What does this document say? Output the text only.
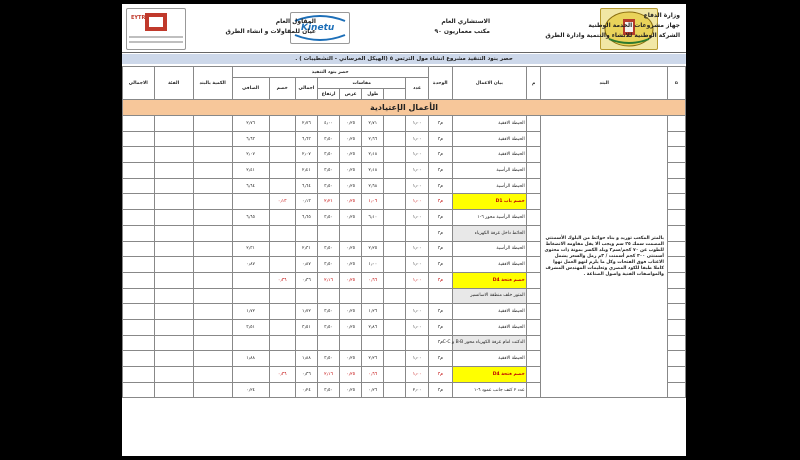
وزارة الدفاع
جهاز مشروعات الخدمة الوطنية
الشركة الوطنية للانشاء والتنمية وادارة الطرق
الاستشاري العام
مكتب معماريون ٩٠
Kinetu
المقاول العام
عيان للمقاولات و انشاء الطرق
EYTRA
حصر بنود التنفيذ مشروع انشاء مول الترتس ٥ (الهيكل الخرساني - التشطيبات ) .
الاجمالي	الفئة	الكمية بالبند	حصر بنود التنفيذ								الوحدة	بيان الاعمال	م	البند	ם
			الصافي	خصم	اجمالي	مقاسات				عدد					
						ارتفاع	عرض	طول							
الأعمال الإعتيادية															
			٢٫٧٦		٢٫٧٦	٤٫٠٠	٠٫٢٥	٢٫٧١		١٫٠٠	م٣	الحيطة الافقية		بالمتر المكعب توريد و بناء حوائط من البلوك الأسمنتي المصمت سمك ٢٥ سم ويجب الا يقل مقاومه الانضغاط للطوب عن ٧٠ كجم/سم٢ وبلد الكسر بمونة ذات محتوى أسمنتى ٣٠٠ كجم أسمنت / ٣م رمل والسعر يشمل الاعتاب فوق الفتحات وكل ما يلزم لنهو العمل نهوا كاملا طبقا للكود المصري وتعليمات المهندس المشرف والمواصفات الفنية واصول الصناعة .	
			٦٫٦٣		٦٫٦٣	٣٫٥٠	٠٫٢٥	٢٫٦٦		١٫٠٠	م٣	الحيطة الافقية			
			٢٫٠٧		٢٫٠٧	٣٫٥٠	٠٫٢٥	٢٫١٨		١٫٠٠	م٣	الحيطة الافقية			
			٢٫٤١		٢٫٤١	٣٫٥٠	٠٫٢٥	٢٫١٨		١٫٠٠	م٣	الحيطة الرأسية			
			٦٫٦٤		٦٫٦٤	٣٫٥٠	٠٫٢٥	٢٫٦٨		١٫٠٠	م٣	الحيطة الرأسية			
				٠٫١٣	٠٫١٣	٢٫٢١	٠٫٢٥	١٫٠٦		١٫٠٠	م٣	خصم باب D1			
			٦٫٦٥		٦٫٦٥	٣٫٥٠	٠٫٢٥	٦٫١٠		١٫٠٠	م٣	الحيطة الرأسية محور ٦-١			
											م٣	الحائط داخل غرفة الكهرباء			
			٢٫٣١		٢٫٣١	٣٫٥٠	٠٫٢٥	٢٫٢٥		١٫٠٠	م٣	الحيطة الرأسية			
			٠٫٨٧		٠٫٨٧	٣٫٥٠	٠٫٢٥	١٫٠٠		١٫٠٠	م٣	الحيطة الافقية			
				٠٫٣٦	٠٫٣٦	٢٫١٦	٠٫٢٥	٠٫٦٦		١٫٠٠	م٣	خصم فتحة D4			
												المتور خلف منطقة الاسانسير			
			١٫٧٢		١٫٧٢	٣٫٥٠	٠٫٢٥	١٫٢٦		١٫٠٠	م٣	الحيطة الافقية			
			٣٫٥١		٣٫٥١	٣٫٥٠	٠٫٢٥	٢٫٨٦		١٫٠٠	م٣	الحيطة الافقية			
											م٣	الدكتت امام غرفة الكهرباء محور B-B و C-C			
			١٫٨٨		١٫٨٨	٣٫٥٠	٠٫٢٥	٢٫٢٦		١٫٠٠	م٣	الحيطة الافقية			
				٠٫٣٦	٠٫٣٦	٢٫١٦	٠٫٢٥	٠٫٦٦		١٫٠٠	م٣	خصم فتحة D4			
			٠٫٢٤		٠٫٢٤	٣٫٥٠	٠٫٢٥	٠٫٢٦		٢٫٠٠	م٣	عدد ٢ كتف جانب عمود ٦-١			
